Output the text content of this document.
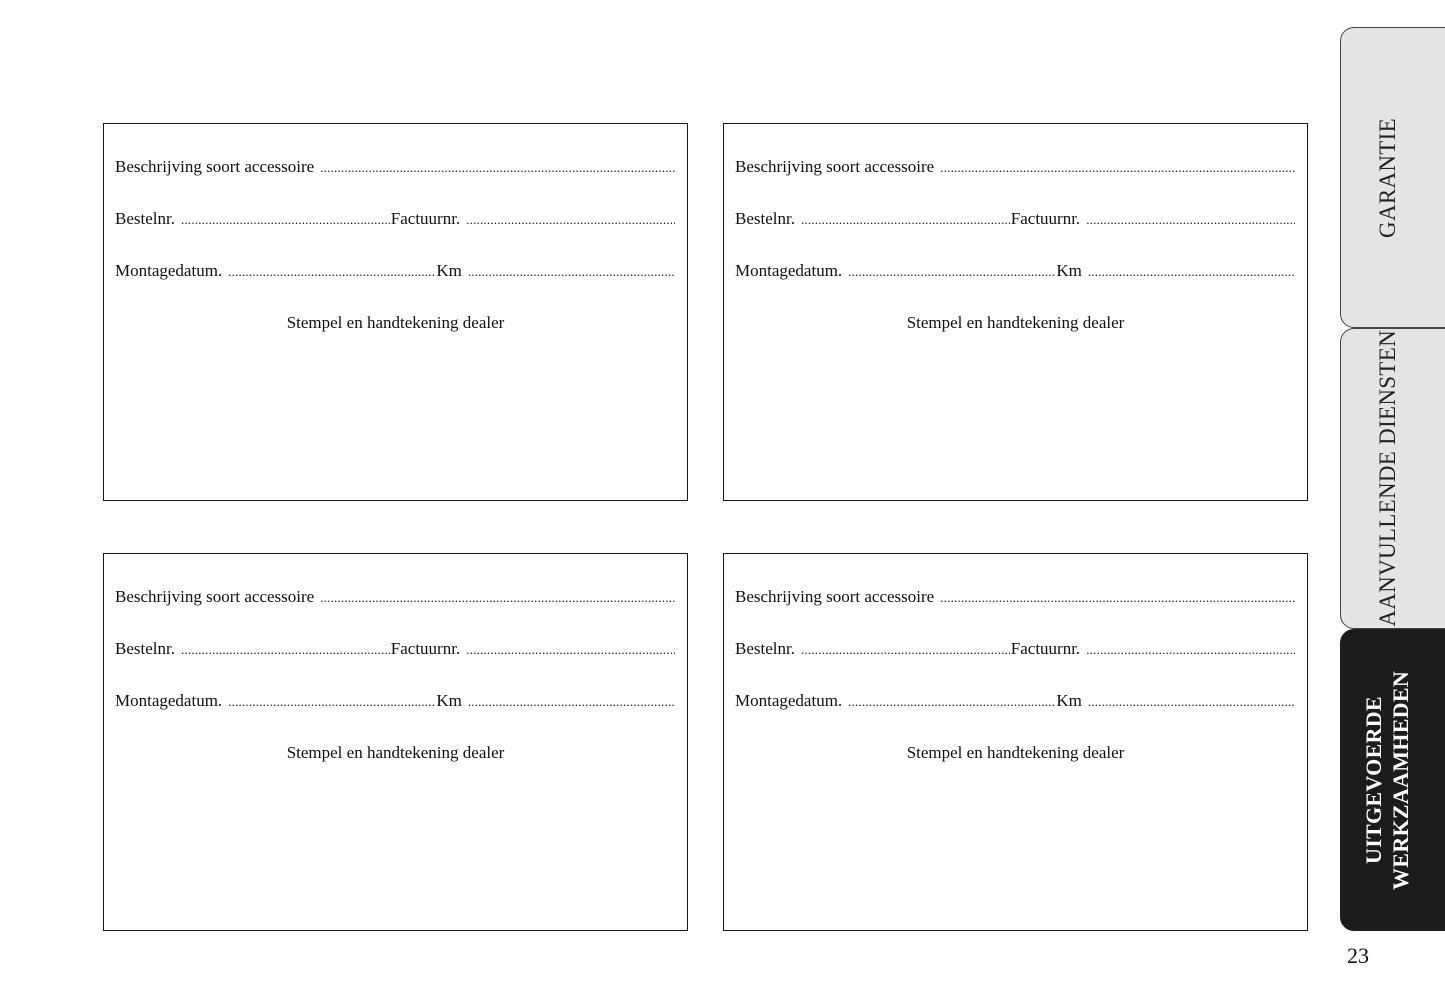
Beschrijving soort accessoire
.....
Bestelnr. .....	Factuurnr.
.....
Montagedatum. .....	Km
.....
Stempel en handtekening dealer
Beschrijving soort accessoire
.....
Bestelnr. .....	Factuurnr.
.....
Montagedatum. .....	Km
.....
Stempel en handtekening dealer
Beschrijving soort accessoire
.....
Bestelnr. .....	Factuurnr.
.....
Montagedatum. .....	Km
.....
Stempel en handtekening dealer
Beschrijving soort accessoire
.....
Bestelnr. .....	Factuurnr.
.....
Montagedatum. .....	Km
.....
Stempel en handtekening dealer
GARANTIE
AANVULLENDE DIENSTEN
UITGEVOERDE WERKZAAMHEDEN
23
